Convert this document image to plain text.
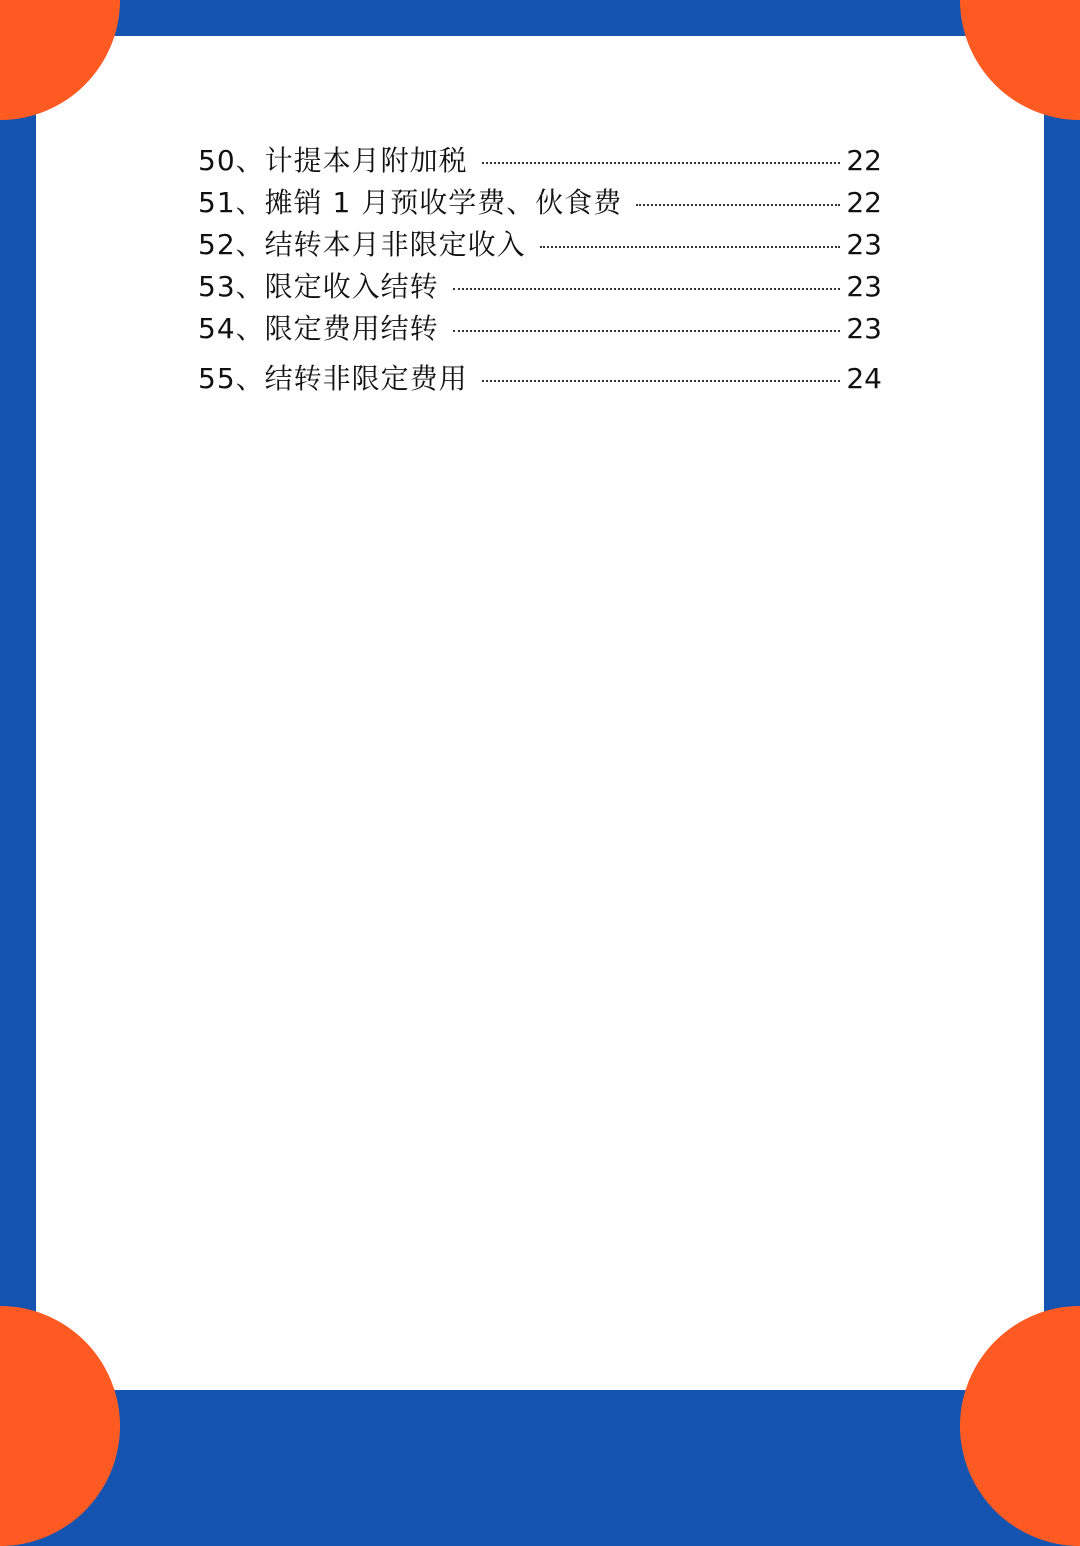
50、计提本月附加税	22
51、摊销 1 月预收学费、伙食费	22
52、结转本月非限定收入	23
53、限定收入结转	23
54、限定费用结转	23
55、结转非限定费用	24
